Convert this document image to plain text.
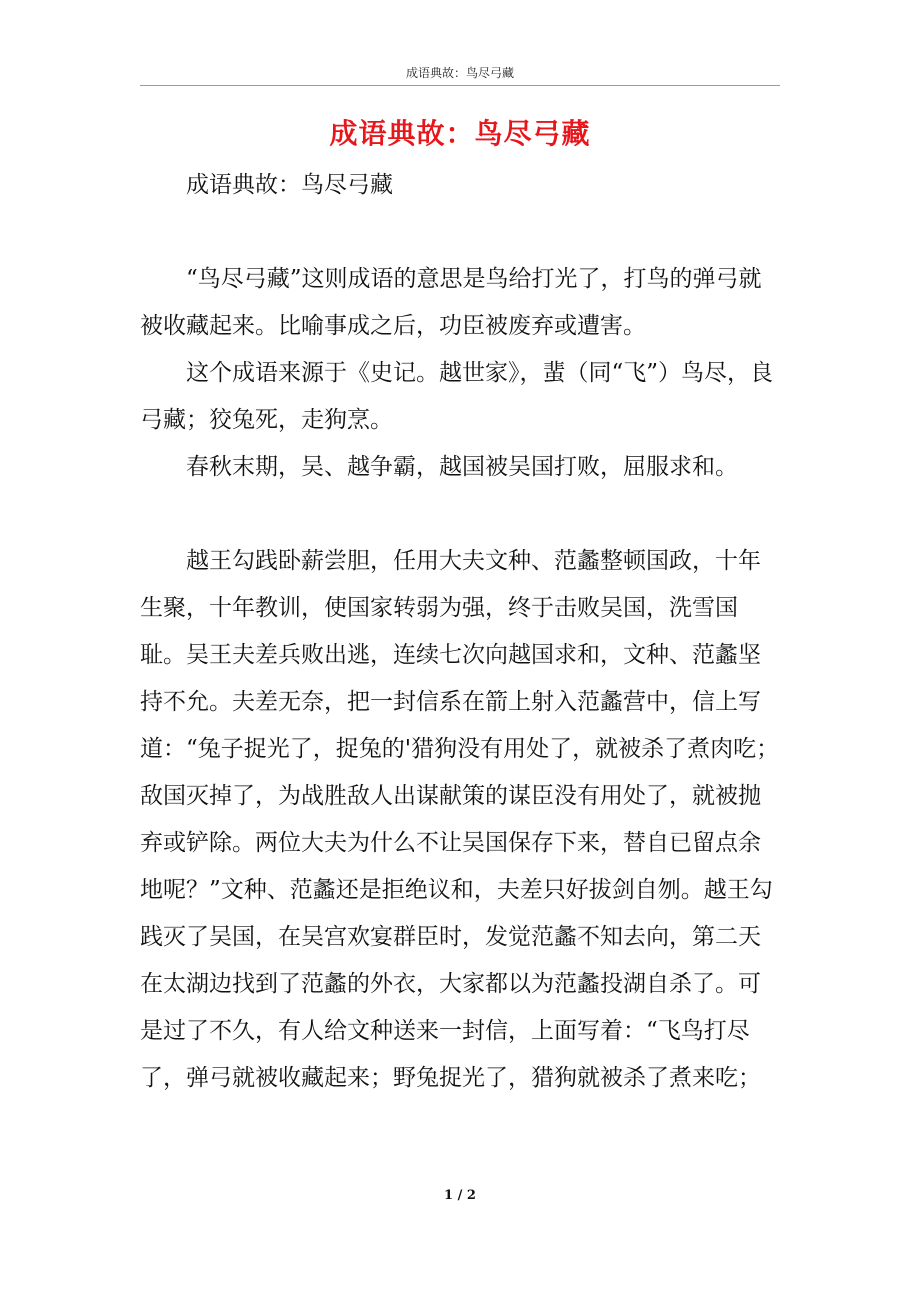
成语典故：鸟尽弓藏
成语典故：鸟尽弓藏

成语典故：鸟尽弓藏

“鸟尽弓藏”这则成语的意思是鸟给打光了，打鸟的弹弓就被收藏起来。比喻事成之后，功臣被废弃或遭害。

这个成语来源于《史记。越世家》，蜚（同“飞”）鸟尽，良弓藏；狡兔死，走狗烹。

春秋末期，吴、越争霸，越国被吴国打败，屈服求和。

越王勾践卧薪尝胆，任用大夫文种、范蠡整顿国政，十年生聚，十年教训，使国家转弱为强，终于击败吴国，洗雪国耻。吴王夫差兵败出逃，连续七次向越国求和，文种、范蠡坚持不允。夫差无奈，把一封信系在箭上射入范蠡营中，信上写道：“兔子捉光了，捉兔的'猎狗没有用处了，就被杀了煮肉吃；敌国灭掉了，为战胜敌人出谋献策的谋臣没有用处了，就被抛弃或铲除。两位大夫为什么不让吴国保存下来，替自已留点余地呢？”文种、范蠡还是拒绝议和，夫差只好拔剑自刎。越王勾践灭了吴国，在吴宫欢宴群臣时，发觉范蠡不知去向，第二天在太湖边找到了范蠡的外衣，大家都以为范蠡投湖自杀了。可是过了不久，有人给文种送来一封信，上面写着：“飞鸟打尽了，弹弓就被收藏起来；野兔捉光了，猎狗就被杀了煮来吃；

1 / 2
